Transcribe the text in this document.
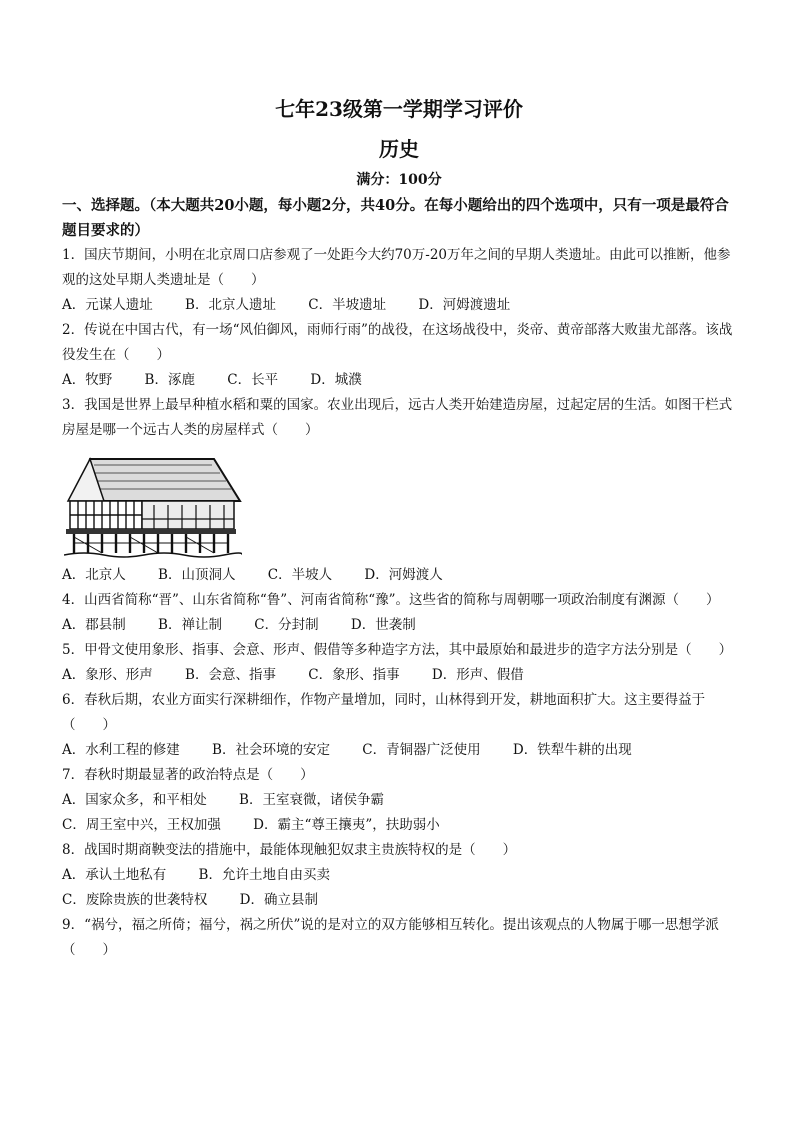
七年23级第一学期学习评价
历史
满分：100分
一、选择题。（本大题共20小题，每小题2分，共40分。在每小题给出的四个选项中，只有一项是最符合题目要求的）
1．国庆节期间，小明在北京周口店参观了一处距今大约70万-20万年之间的早期人类遗址。由此可以推断，他参观的这处早期人类遗址是（　　）
A．元谋人遗址 B．北京人遗址 C．半坡遗址 D．河姆渡遗址
2．传说在中国古代，有一场“风伯御风，雨师行雨”的战役，在这场战役中，炎帝、黄帝部落大败蚩尤部落。该战役发生在（　　）
A．牧野 B．涿鹿 C．长平 D．城濮
3．我国是世界上最早种植水稻和粟的国家。农业出现后，远古人类开始建造房屋，过起定居的生活。如图干栏式房屋是哪一个远古人类的房屋样式（　　）
A．北京人 B．山顶洞人 C．半坡人 D．河姆渡人
4．山西省简称“晋”、山东省简称“鲁”、河南省简称“豫”。这些省的简称与周朝哪一项政治制度有渊源（　　）
A．郡县制 B．禅让制 C．分封制 D．世袭制
5．甲骨文使用象形、指事、会意、形声、假借等多种造字方法，其中最原始和最进步的造字方法分别是（　　）
A．象形、形声 B．会意、指事 C．象形、指事 D．形声、假借
6．春秋后期，农业方面实行深耕细作，作物产量增加，同时，山林得到开发，耕地面积扩大。这主要得益于（　　）
A．水利工程的修建 B．社会环境的安定 C．青铜器广泛使用 D．铁犁牛耕的出现
7．春秋时期最显著的政治特点是（　　）
A．国家众多，和平相处 B．王室衰微，诸侯争霸
C．周王室中兴，王权加强 D．霸主“尊王攘夷”，扶助弱小
8．战国时期商鞅变法的措施中，最能体现触犯奴隶主贵族特权的是（　　）
A．承认土地私有 B．允许土地自由买卖
C．废除贵族的世袭特权 D．确立县制
9．“祸兮，福之所倚；福兮，祸之所伏”说的是对立的双方能够相互转化。提出该观点的人物属于哪一思想学派（　　）
